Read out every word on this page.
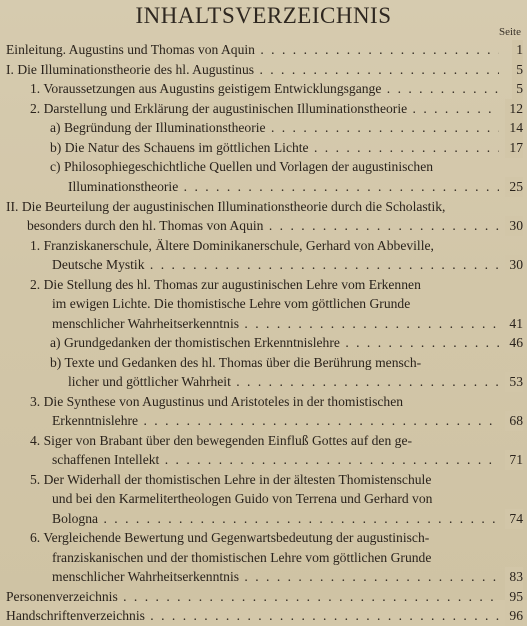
INHALTSVERZEICHNIS
Seite
Einleitung. Augustins und Thomas von Aquin . . .	1
I. Die Illuminationstheorie des hl. Augustinus . . .	5
1. Voraussetzungen aus Augustins geistigem Entwicklungsgange . . .	5
2. Darstellung und Erklärung der augustinischen Illuminationstheorie . . .	12
a) Begründung der Illuminationstheorie . . .	14
b) Die Natur des Schauens im göttlichen Lichte . . .	17
c) Philosophiegeschichtliche Quellen und Vorlagen der augustinischen
Illuminationstheorie . . .	25
II. Die Beurteilung der augustinischen Illuminationstheorie durch die Scholastik,
besonders durch den hl. Thomas von Aquin . . .	30
1. Franziskanerschule, Ältere Dominikanerschule, Gerhard von Abbeville,
Deutsche Mystik . . .	30
2. Die Stellung des hl. Thomas zur augustinischen Lehre vom Erkennen
im ewigen Lichte. Die thomistische Lehre vom göttlichen Grunde
menschlicher Wahrheitserkenntnis . . .	41
a) Grundgedanken der thomistischen Erkenntnislehre . . .	46
b) Texte und Gedanken des hl. Thomas über die Berührung mensch-
licher und göttlicher Wahrheit . . .	53
3. Die Synthese von Augustinus und Aristoteles in der thomistischen
Erkenntnislehre . . .	68
4. Siger von Brabant über den bewegenden Einfluß Gottes auf den ge-
schaffenen Intellekt . . .	71
5. Der Widerhall der thomistischen Lehre in der ältesten Thomistenschule
und bei den Karmelitertheologen Guido von Terrena und Gerhard von
Bologna . . .	74
6. Vergleichende Bewertung und Gegenwartsbedeutung der augustinisch-
franziskanischen und der thomistischen Lehre vom göttlichen Grunde
menschlicher Wahrheitserkenntnis . . .	83
Personenverzeichnis . . .	95
Handschriftenverzeichnis . . .	96
